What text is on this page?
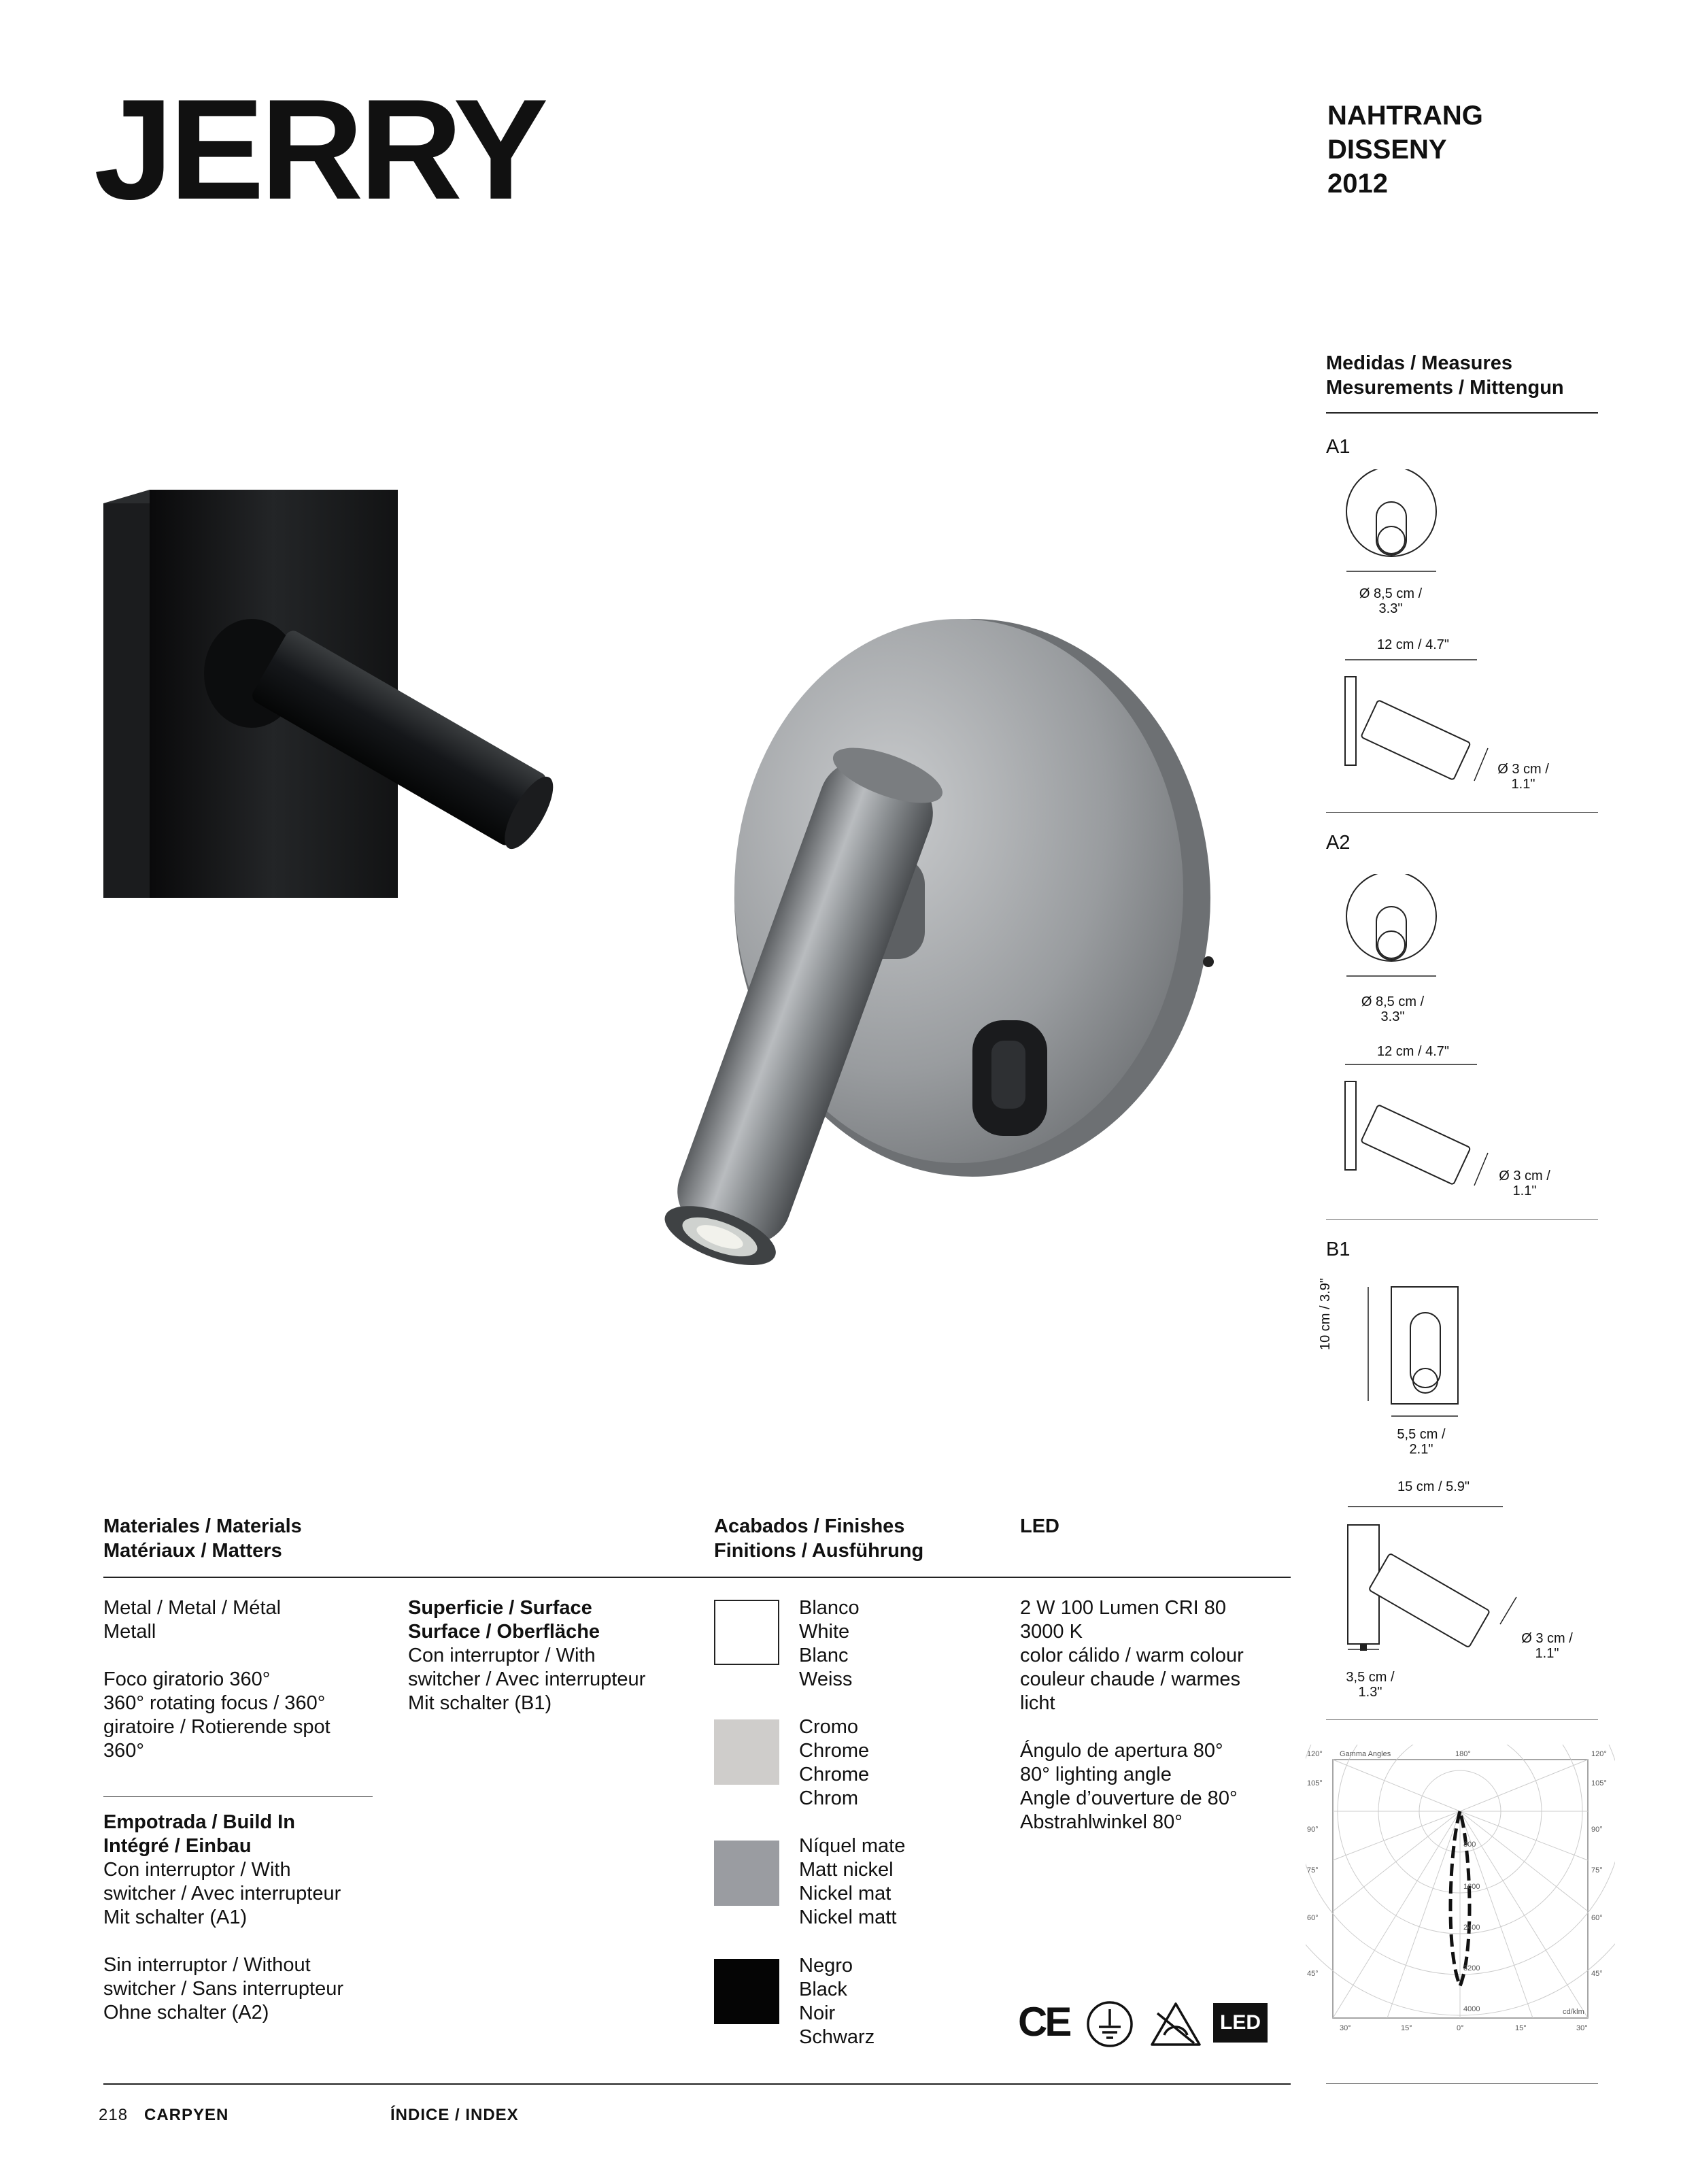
JERRY	NAHTRANG
DISSENY
2012
Medidas / Measures
Mesurements / Mittengun
A1
Ø 8,5 cm /
3.3"
12 cm / 4.7"
Ø 3 cm /
1.1"
A2
Ø 8,5 cm /
3.3"
12 cm / 4.7"
Ø 3 cm /
1.1"
B1
10 cm / 3.9"
5,5 cm /
2.1"
15 cm / 5.9"
Ø 3 cm /
1.1"
3,5 cm /
1.3"
Gamma Angles
120°	180°	120°
105°
90°
75°
60°
45°
105°
90°
75°
60°
45°
30°	15°	0°	15°	30°
800
1600
2400
3200
4000	cd/klm
Materiales / Materials
Matériaux / Matters
Acabados / Finishes
Finitions / Ausführung
LED
Metal / Metal / Métal
Metall
Foco giratorio 360°
360° rotating focus / 360°
giratoire / Rotierende spot
360°
Empotrada / Build In
Intégré / Einbau
Con interruptor / With
switcher / Avec interrupteur
Mit schalter (A1)
Sin interruptor / Without
switcher / Sans interrupteur
Ohne schalter (A2)
Superficie / Surface
Surface / Oberfläche
Con interruptor / With
switcher / Avec interrupteur
Mit schalter (B1)
Blanco
White
Blanc
Weiss
Cromo
Chrome
Chrome
Chrom
Níquel mate
Matt nickel
Nickel mat
Nickel matt
Negro
Black
Noir
Schwarz
2 W 100 Lumen CRI 80
3000 K
color cálido / warm colour
couleur chaude / warmes
licht
Ángulo de apertura 80°
80° lighting angle
Angle d’ouverture de 80°
Abstrahlwinkel 80°
CE	LED
218 CARPYEN	ÍNDICE / INDEX
